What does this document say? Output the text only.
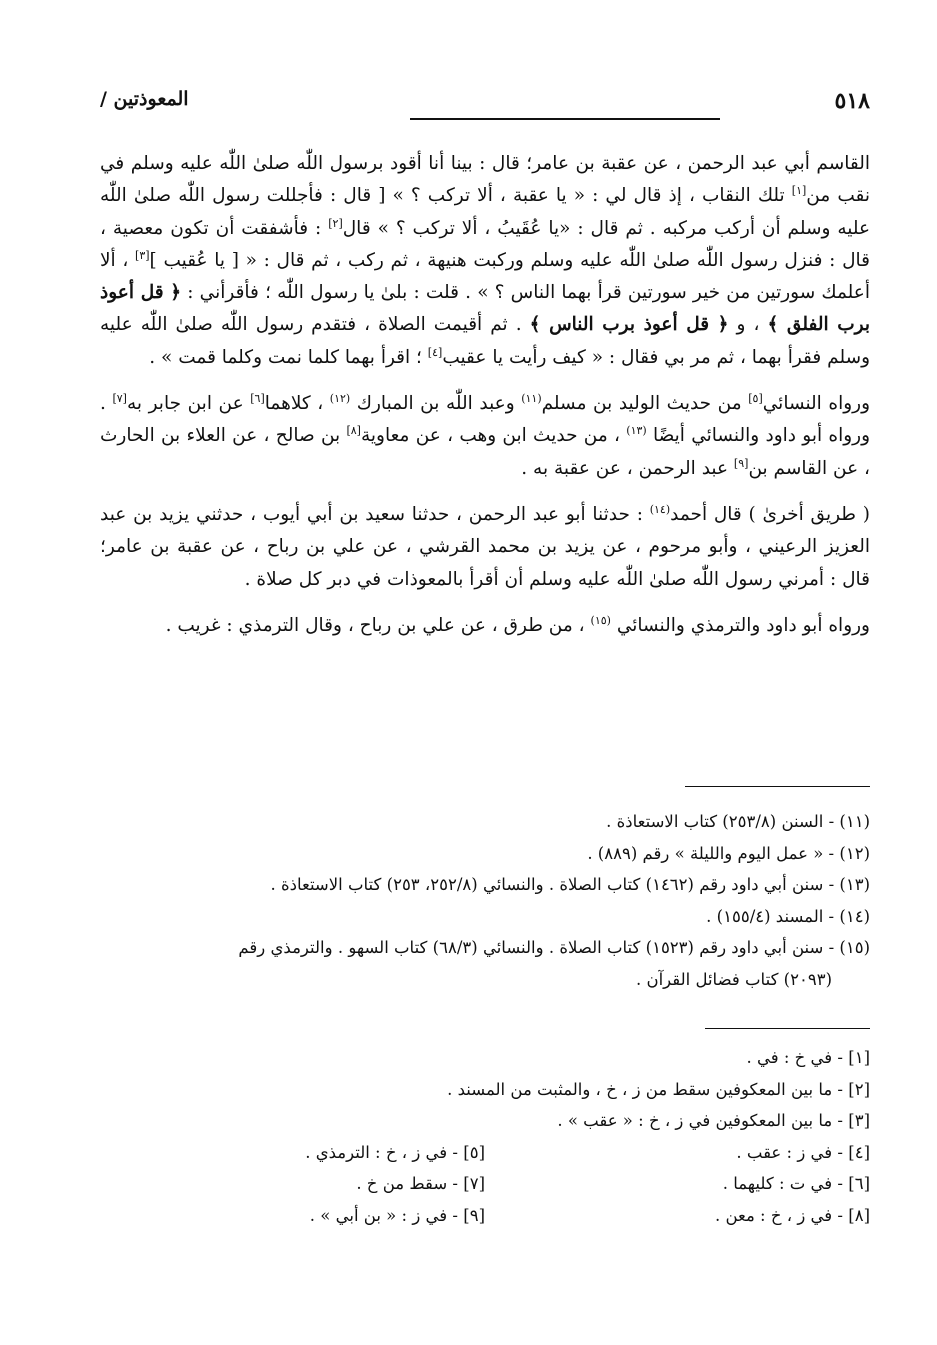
٥١٨
المعوذتين /

القاسم أبي عبد الرحمن ، عن عقبة بن عامر؛ قال : بينا أنا أقود برسول اللّٰه صلىٰ اللّٰه عليه وسلم في نقب من[١] تلك النقاب ، إذ قال لي : « يا عقبة ، ألا تركب ؟ » [ قال : فأجللت رسول اللّٰه صلىٰ اللّٰه عليه وسلم أن أركب مركبه . ثم قال : «يا عُقَيبُ ، ألا تركب ؟ » قال[٢] : فأشفقت أن تكون معصية ، قال : فنزل رسول اللّٰه صلىٰ اللّٰه عليه وسلم وركبت هنيهة ، ثم ركب ، ثم قال : « [ يا عُقيب ][٣] ، ألا أعلمك سورتين من خير سورتين قرأ بهما الناس ؟ » . قلت : بلىٰ يا رسول اللّٰه ؛ فأقرأني : ﴿ قل أعوذ برب الفلق ﴾ ، و ﴿ قل أعوذ برب الناس ﴾ . ثم أقيمت الصلاة ، فتقدم رسول اللّٰه صلىٰ اللّٰه عليه وسلم فقرأ بهما ، ثم مر بي فقال : « كيف رأيت يا عقيب[٤] ؛ اقرأ بهما كلما نمت وكلما قمت » .

ورواه النسائي[٥] من حديث الوليد بن مسلم$^{(١١)}$ وعبد اللّٰه بن المبارك $^{(١٢)}$ ، كلاهما[٦] عن ابن جابر به[٧] . ورواه أبو داود والنسائي أيضًا $^{(١٣)}$ ، من حديث ابن وهب ، عن معاوية[٨] بن صالح ، عن العلاء بن الحارث ، عن القاسم بن[٩] عبد الرحمن ، عن عقبة به .

( طريق أخرىٰ ) قال أحمد$^{(١٤)}$ : حدثنا أبو عبد الرحمن ، حدثنا سعيد بن أبي أيوب ، حدثني يزيد بن عبد العزيز الرعيني ، وأبو مرحوم ، عن يزيد بن محمد القرشي ، عن علي بن رباح ، عن عقبة بن عامر؛ قال : أمرني رسول اللّٰه صلىٰ اللّٰه عليه وسلم أن أقرأ بالمعوذات في دبر كل صلاة .

ورواه أبو داود والترمذي والنسائي $^{(١٥)}$ ، من طرق ، عن علي بن رباح ، وقال الترمذي : غريب .

(١١) - السنن (٢٥٣/٨) كتاب الاستعاذة .

(١٢) - « عمل اليوم والليلة » رقم (٨٨٩) .

(١٣) - سنن أبي داود رقم (١٤٦٢) كتاب الصلاة . والنسائي (٢٥٢/٨، ٢٥٣) كتاب الاستعاذة .

(١٤) - المسند (١٥٥/٤) .

(١٥) - سنن أبي داود رقم (١٥٢٣) كتاب الصلاة . والنسائي (٦٨/٣) كتاب السهو . والترمذي رقم

(٢٠٩٣) كتاب فضائل القرآن .

[١] - في خ : في .

[٢] - ما بين المعكوفين سقط من ز ، خ ، والمثبت من المسند .

[٣] - ما بين المعكوفين في ز ، خ : « عقب » .

[٤] - في ز : عقب .
[٥] - في ز ، خ : الترمذي .
[٦] - في ت : كليهما .
[٧] - سقط من خ .
[٨] - في ز ، خ : معن .
[٩] - في ز : « بن أبي » .
